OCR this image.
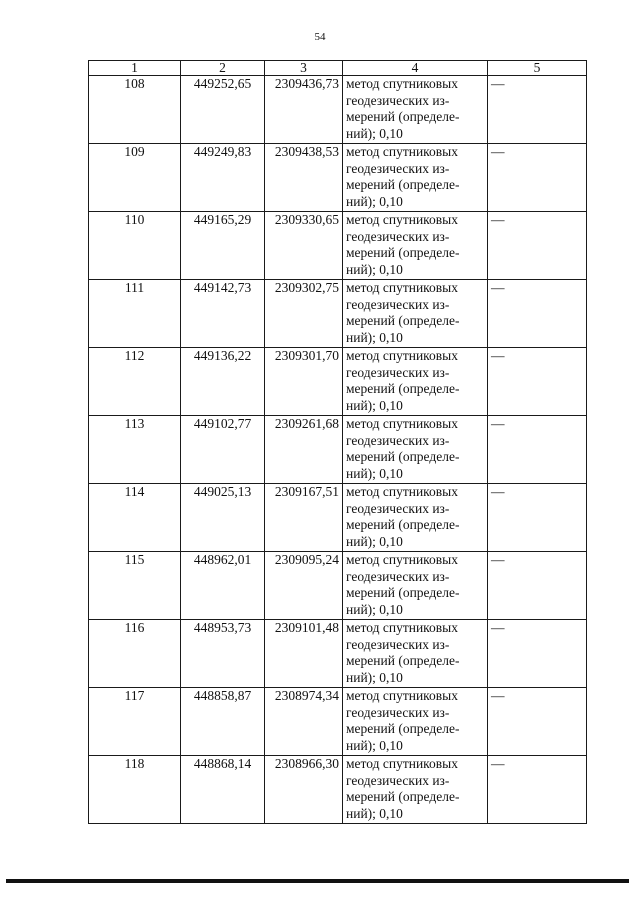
54
1	2	3	4	5
108	449252,65	2309436,73	метод спутниковых
геодезических из-
мерений (определе-
ний); 0,10	—
109	449249,83	2309438,53	метод спутниковых
геодезических из-
мерений (определе-
ний); 0,10	—
110	449165,29	2309330,65	метод спутниковых
геодезических из-
мерений (определе-
ний); 0,10	—
111	449142,73	2309302,75	метод спутниковых
геодезических из-
мерений (определе-
ний); 0,10	—
112	449136,22	2309301,70	метод спутниковых
геодезических из-
мерений (определе-
ний); 0,10	—
113	449102,77	2309261,68	метод спутниковых
геодезических из-
мерений (определе-
ний); 0,10	—
114	449025,13	2309167,51	метод спутниковых
геодезических из-
мерений (определе-
ний); 0,10	—
115	448962,01	2309095,24	метод спутниковых
геодезических из-
мерений (определе-
ний); 0,10	—
116	448953,73	2309101,48	метод спутниковых
геодезических из-
мерений (определе-
ний); 0,10	—
117	448858,87	2308974,34	метод спутниковых
геодезических из-
мерений (определе-
ний); 0,10	—
118	448868,14	2308966,30	метод спутниковых
геодезических из-
мерений (определе-
ний); 0,10	—
